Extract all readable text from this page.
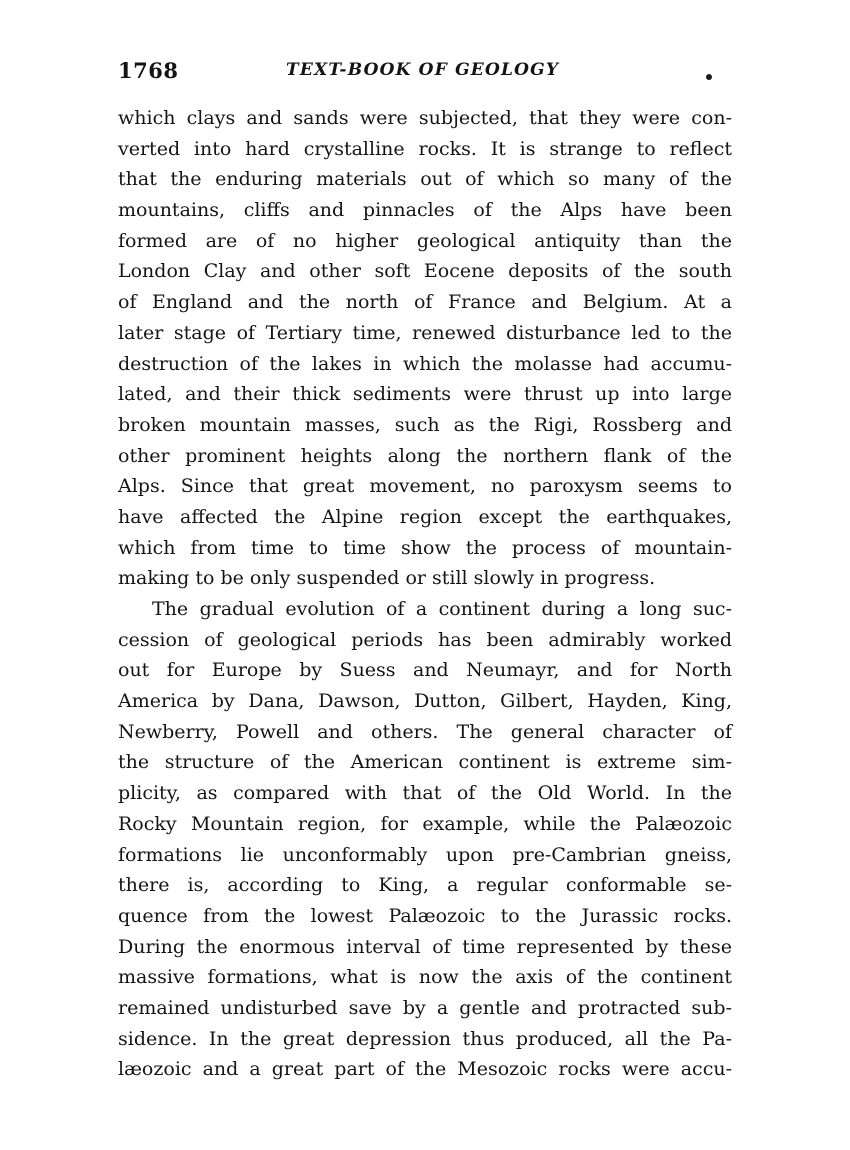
1768	TEXT-BOOK OF GEOLOGY
which clays and sands were subjected, that they were con-
verted into hard crystalline rocks. It is strange to reflect
that the enduring materials out of which so many of the
mountains, cliffs and pinnacles of the Alps have been
formed are of no higher geological antiquity than the
London Clay and other soft Eocene deposits of the south
of England and the north of France and Belgium. At a
later stage of Tertiary time, renewed disturbance led to the
destruction of the lakes in which the molasse had accumu-
lated, and their thick sediments were thrust up into large
broken mountain masses, such as the Rigi, Rossberg and
other prominent heights along the northern flank of the
Alps. Since that great movement, no paroxysm seems to
have affected the Alpine region except the earthquakes,
which from time to time show the process of mountain-
making to be only suspended or still slowly in progress.
The gradual evolution of a continent during a long suc-
cession of geological periods has been admirably worked
out for Europe by Suess and Neumayr, and for North
America by Dana, Dawson, Dutton, Gilbert, Hayden, King,
Newberry, Powell and others. The general character of
the structure of the American continent is extreme sim-
plicity, as compared with that of the Old World. In the
Rocky Mountain region, for example, while the Palæozoic
formations lie unconformably upon pre-Cambrian gneiss,
there is, according to King, a regular conformable se-
quence from the lowest Palæozoic to the Jurassic rocks.
During the enormous interval of time represented by these
massive formations, what is now the axis of the continent
remained undisturbed save by a gentle and protracted sub-
sidence. In the great depression thus produced, all the Pa-
læozoic and a great part of the Mesozoic rocks were accu-
